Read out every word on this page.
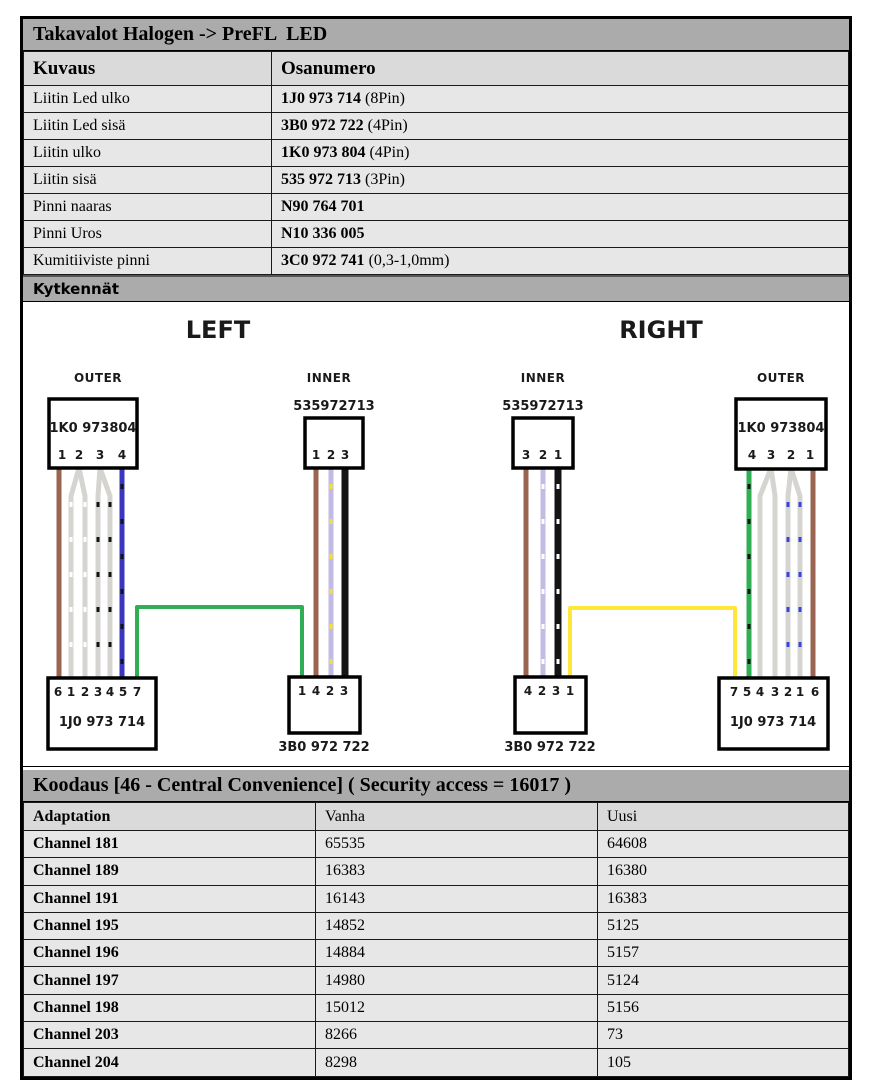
Takavalot Halogen -> PreFL  LED
Kuvaus	Osanumero
Liitin Led ulko	1J0 973 714 (8Pin)
Liitin Led sisä	3B0 972 722 (4Pin)
Liitin ulko	1K0 973 804 (4Pin)
Liitin sisä	535 972 713 (3Pin)
Pinni naaras	N90 764 701
Pinni Uros	N10 336 005
Kumitiiviste pinni	3C0 972 741 (0,3-1,0mm)
Kytkennät
LEFT
OUTER	INNER
1K0 973804
1 2 3 4
535972713
1 2 3
6 1 2 3 4 5 7
1J0 973 714
1 4 2 3
3B0 972 722
RIGHT
INNER	OUTER
535972713
3 2 1
1K0 973804
4 3 2 1
4 2 3 1
3B0 972 722
7 5 4 3 2 1 6
1J0 973 714
Koodaus [46 - Central Convenience] ( Security access = 16017 )
Adaptation	Vanha	Uusi
Channel 181	65535	64608
Channel 189	16383	16380
Channel 191	16143	16383
Channel 195	14852	5125
Channel 196	14884	5157
Channel 197	14980	5124
Channel 198	15012	5156
Channel 203	8266	73
Channel 204	8298	105
